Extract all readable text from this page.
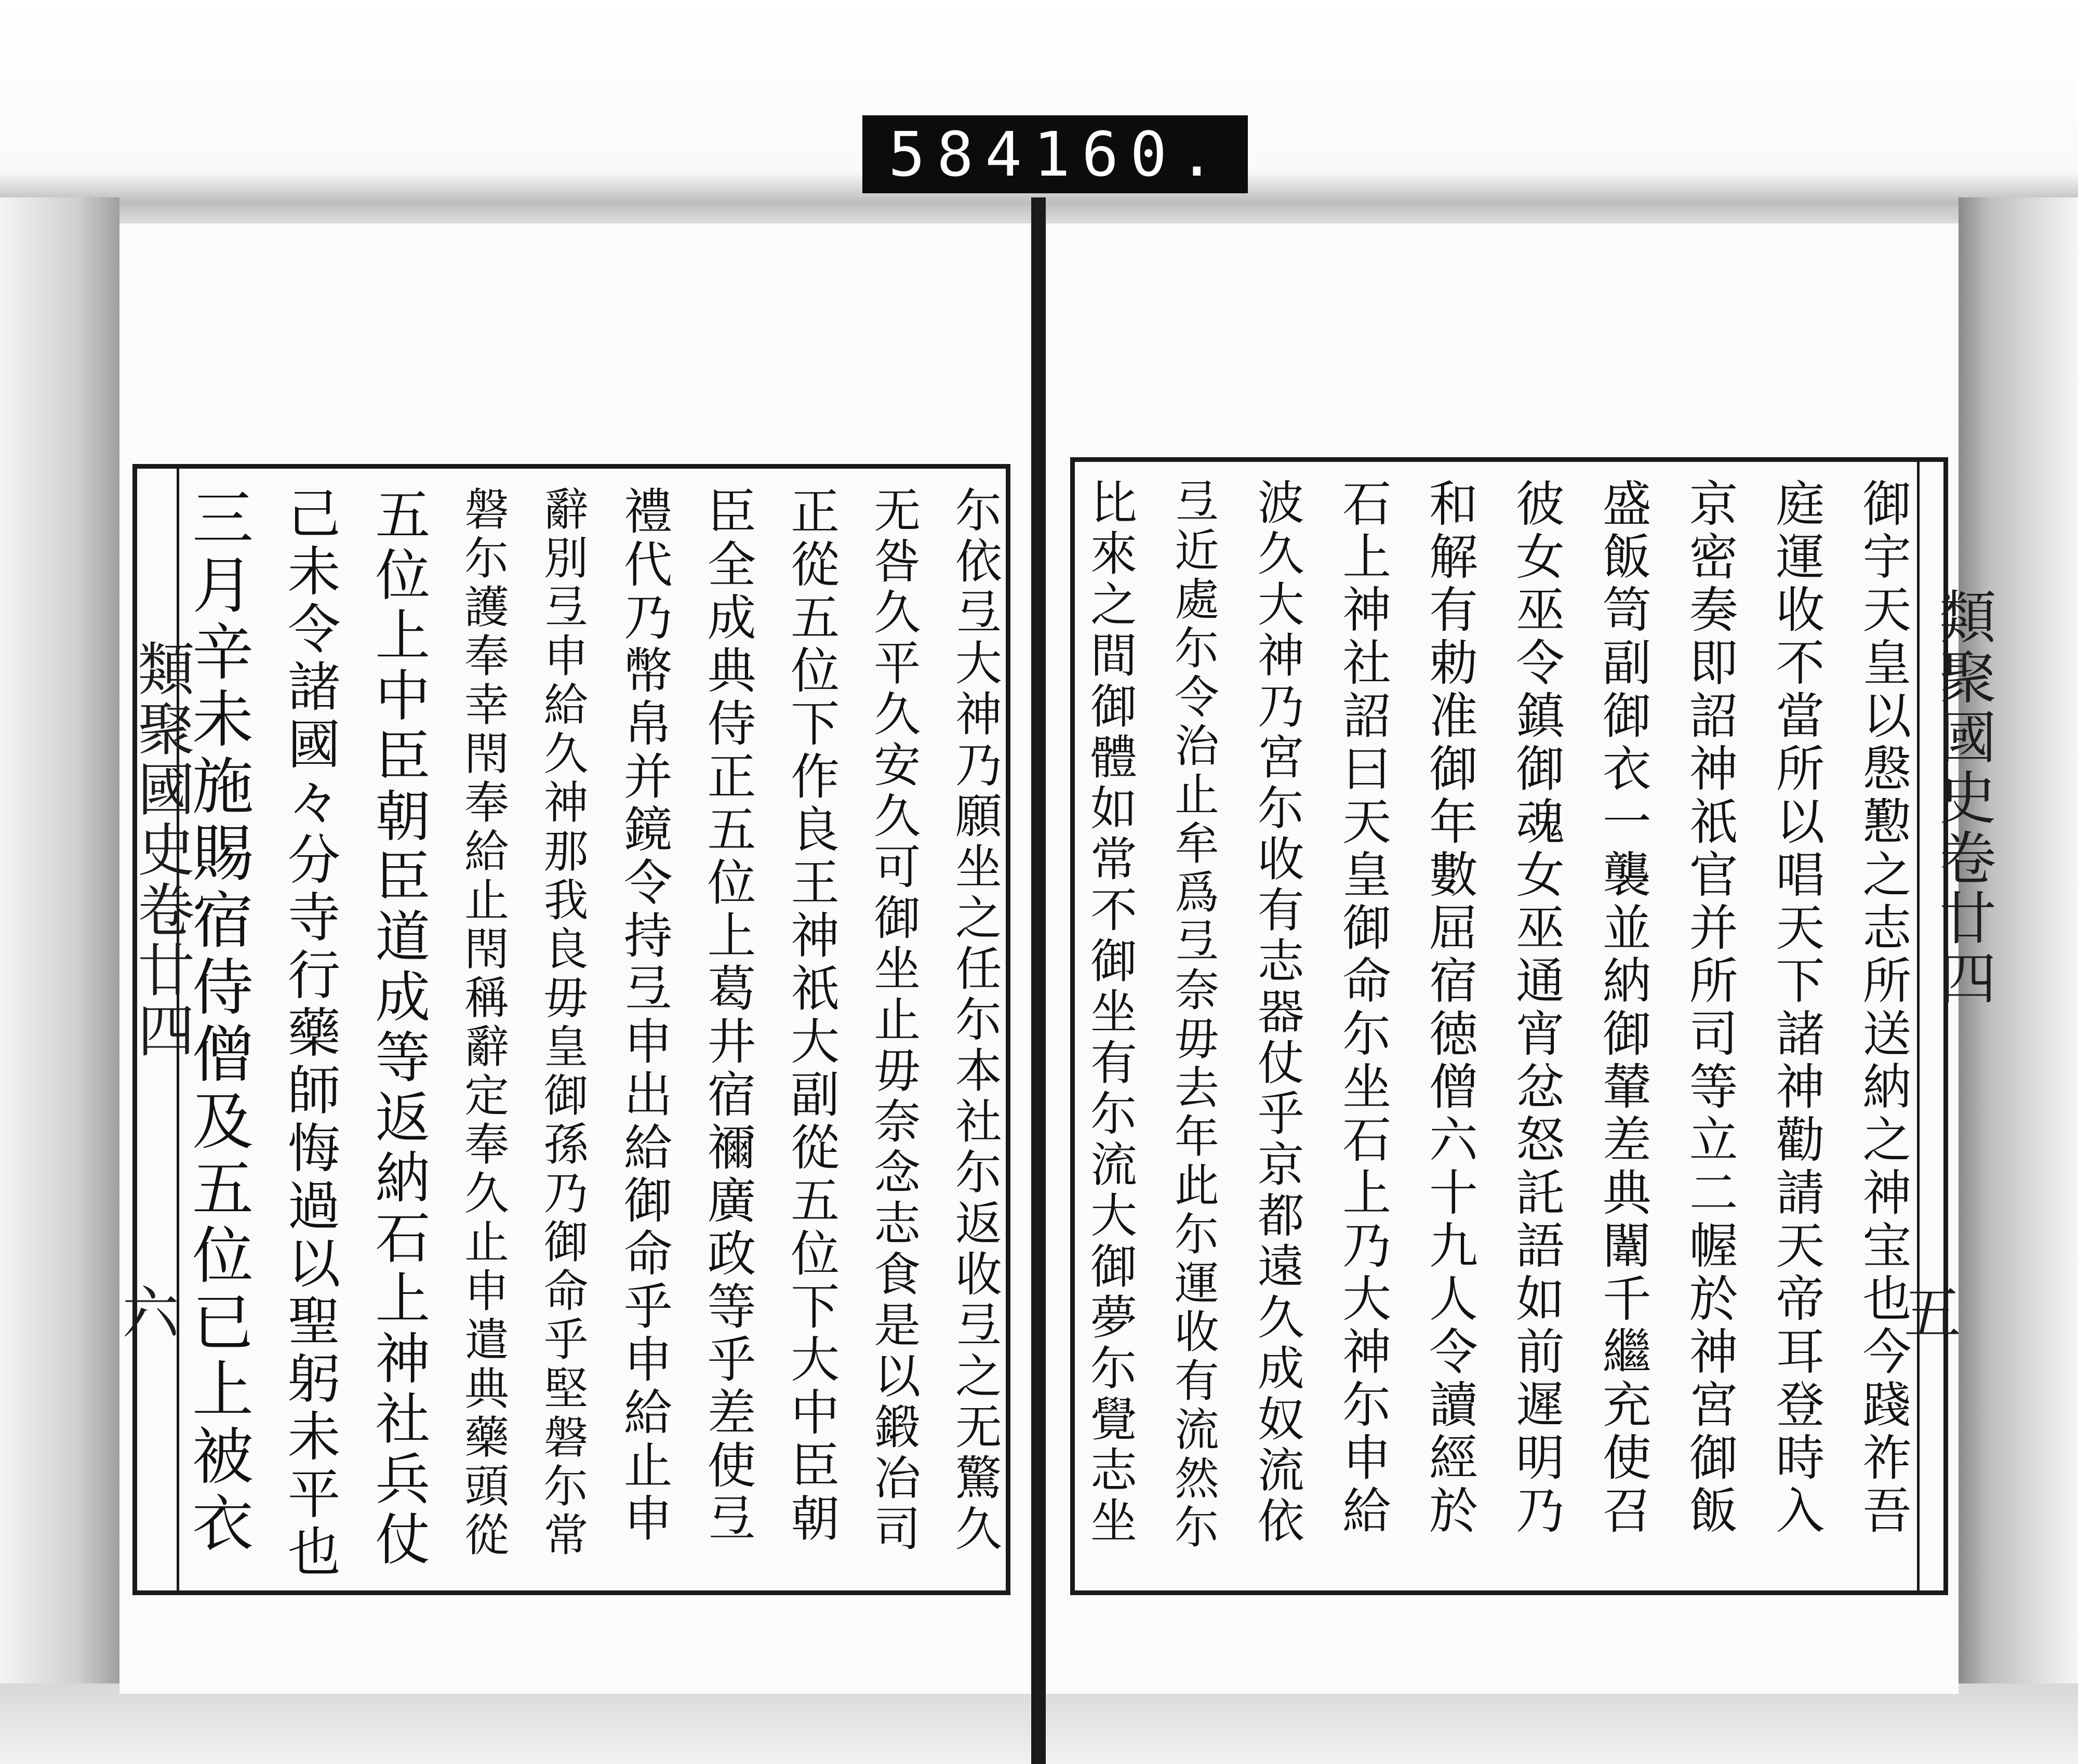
584 160.
類聚國史卷廿四
五
御宇天皇以慇懃之志所送納之神宝也今踐祚吾
庭運收不當所以唱天下諸神勸請天帝耳登時入
京密奏即詔神祇官并所司等立二幄於神宮御飯
盛飯笥副御衣一襲並納御輦差典闈千繼充使召
彼女巫令鎮御魂女巫通宵忿怒託語如前遲明乃
和解有勅准御年數屈宿徳僧六十九人令讀經於
石上神社詔曰天皇御命尓坐石上乃大神尓申給
波久大神乃宮尓收有志器仗乎京都遠久成奴流依
弖近處尓令治止牟爲弖奈毋去年此尓運收有流然尓
比來之間御體如常不御坐有尓流大御夢尓覺志坐
類聚國史卷廿四
六	尓依弖大神乃願坐之任尓本社尓返收弖之无驚久
无咎久平久安久可御坐止毋奈念志食是以鍛冶司
正從五位下作良王神祇大副從五位下大中臣朝
臣全成典侍正五位上葛井宿禰廣政等乎差使弖
禮代乃幣帛并鏡令持弖申出給御命乎申給止申
辭別弖申給久神那我良毋皇御孫乃御命乎堅磐尓常
磐尓護奉幸閇奉給止閇稱辭定奉久止申遣典藥頭從
五位上中臣朝臣道成等返納石上神社兵仗
己未令諸國々分寺行藥師悔過以聖躬未平也
三月辛未施賜宿侍僧及五位已上被衣
